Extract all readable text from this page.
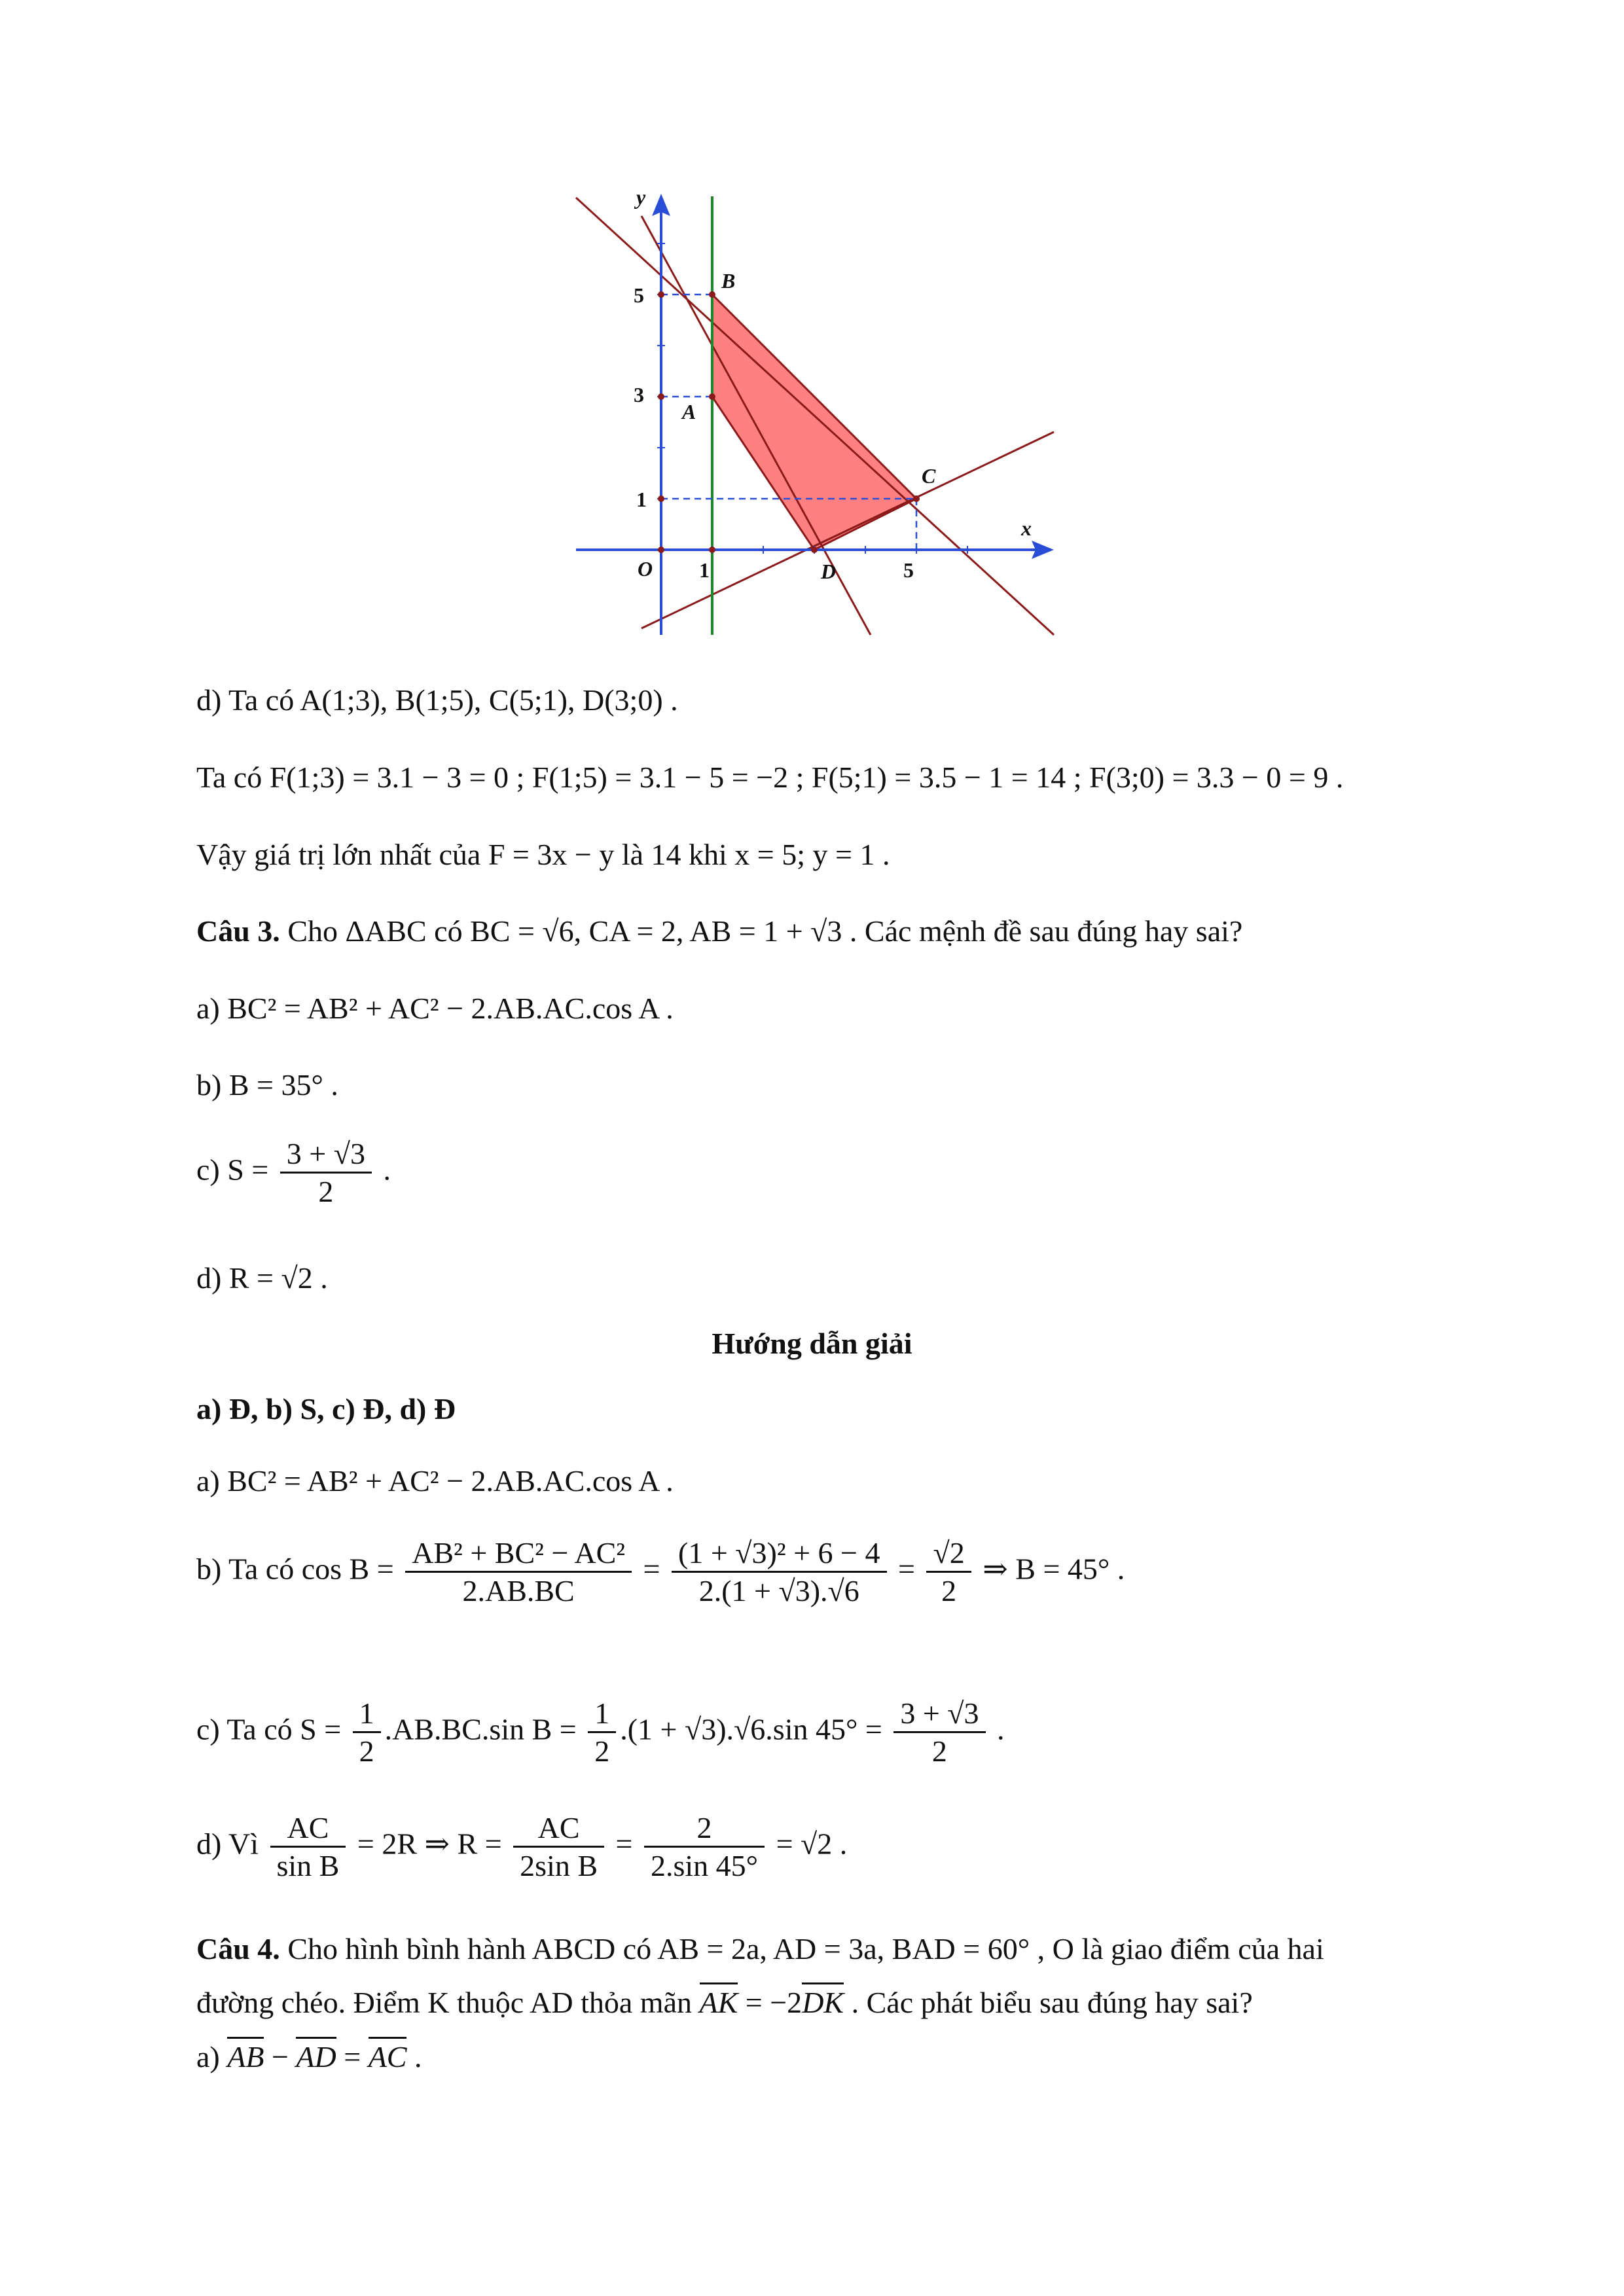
y
x
O
A
B
C
D
1	5
5
3
1
d) Ta có A(1;3), B(1;5), C(5;1), D(3;0) .
Ta có F(1;3) = 3.1 − 3 = 0 ; F(1;5) = 3.1 − 5 = −2 ; F(5;1) = 3.5 − 1 = 14 ; F(3;0) = 3.3 − 0 = 9 .
Vậy giá trị lớn nhất của F = 3x − y là 14 khi x = 5; y = 1 .
Câu 3. Cho ΔABC có BC = √6, CA = 2, AB = 1 + √3 . Các mệnh đề sau đúng hay sai?
a) BC² = AB² + AC² − 2.AB.AC.cos A .
b) B = 35° .
c) $S = \frac{3 + √3}{2}$ .
d) R = √2 .
Hướng dẫn giải
a) Đ, b) S, c) Đ, d) Đ
a) BC² = AB² + AC² − 2.AB.AC.cos A .
b) Ta có $\cos B = \frac{\text{AB² + BC² − AC²}}{2.AB.BC} = \frac{\text{(1 + √3)² + 6 − 4}}{2.(1 + √3).√6} = \frac{√2}{2}$ ⇒ B = 45° .
c) Ta có $S = \frac{1}{2} .AB.BC.\sin$ $B = \frac{1}{2} .(1 + √3).√6.\sin$ $45^\circ = \frac{3 + √3}{2}$ .
d) Vì $\frac{AC}{\text{sin B}} = 2R$ ⇒ $R = \frac{AC}{\text{2sin B}} = \frac{2}{2.\sin 45^\circ} = √2$ .
Câu 4. Cho hình bình hành ABCD có AB = 2a, AD = 3a, BAD = 60° , O là giao điểm của hai
đường chéo. Điểm K thuộc AD thỏa mãn AK = −2DK . Các phát biểu sau đúng hay sai?
a) AB − AD = AC .
